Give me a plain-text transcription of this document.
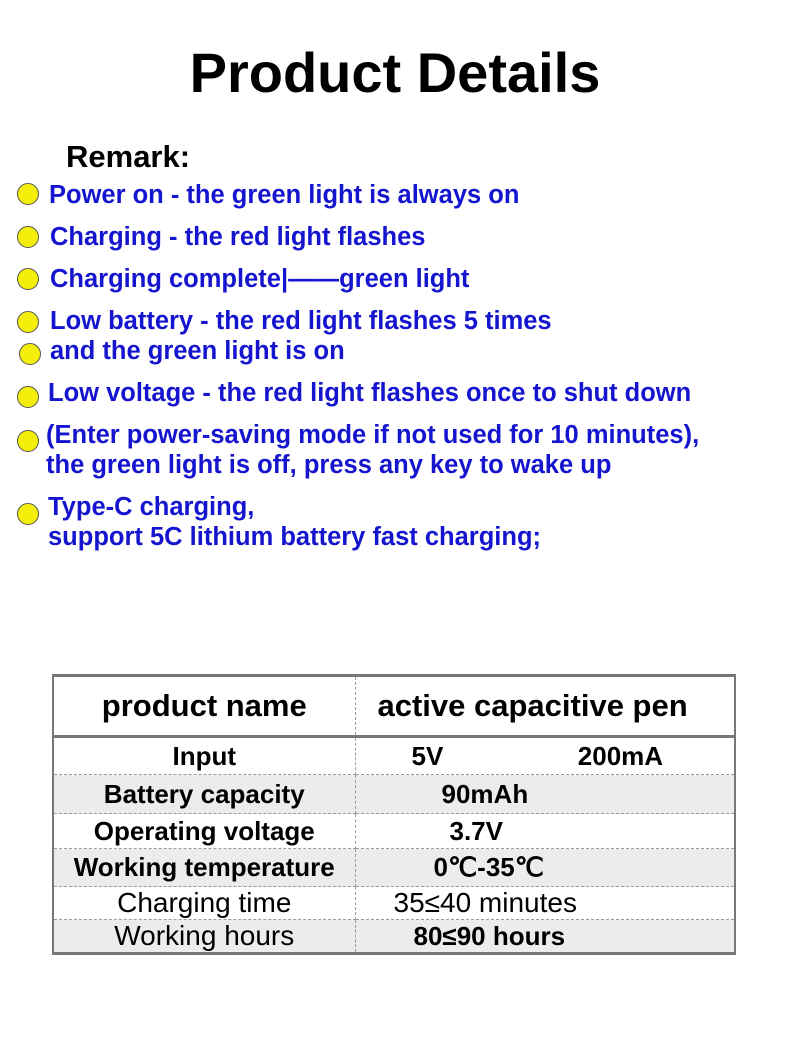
Product Details
Remark:
Power on - the green light is always on
Charging - the red light flashes
Charging complete|——green light
Low battery - the red light flashes 5 times
and the green light is on
Low voltage - the red light flashes once to shut down
(Enter power-saving mode if not used for 10 minutes),
the green light is off, press any key to wake up
Type-C charging,
support 5C lithium battery fast charging;
product name	active capacitive pen
Input	5V 200mA
Battery capacity	90mAh
Operating voltage	3.7V
Working temperature	0℃-35℃
Charging time	35≤40 minutes
Working hours	80≤90 hours
